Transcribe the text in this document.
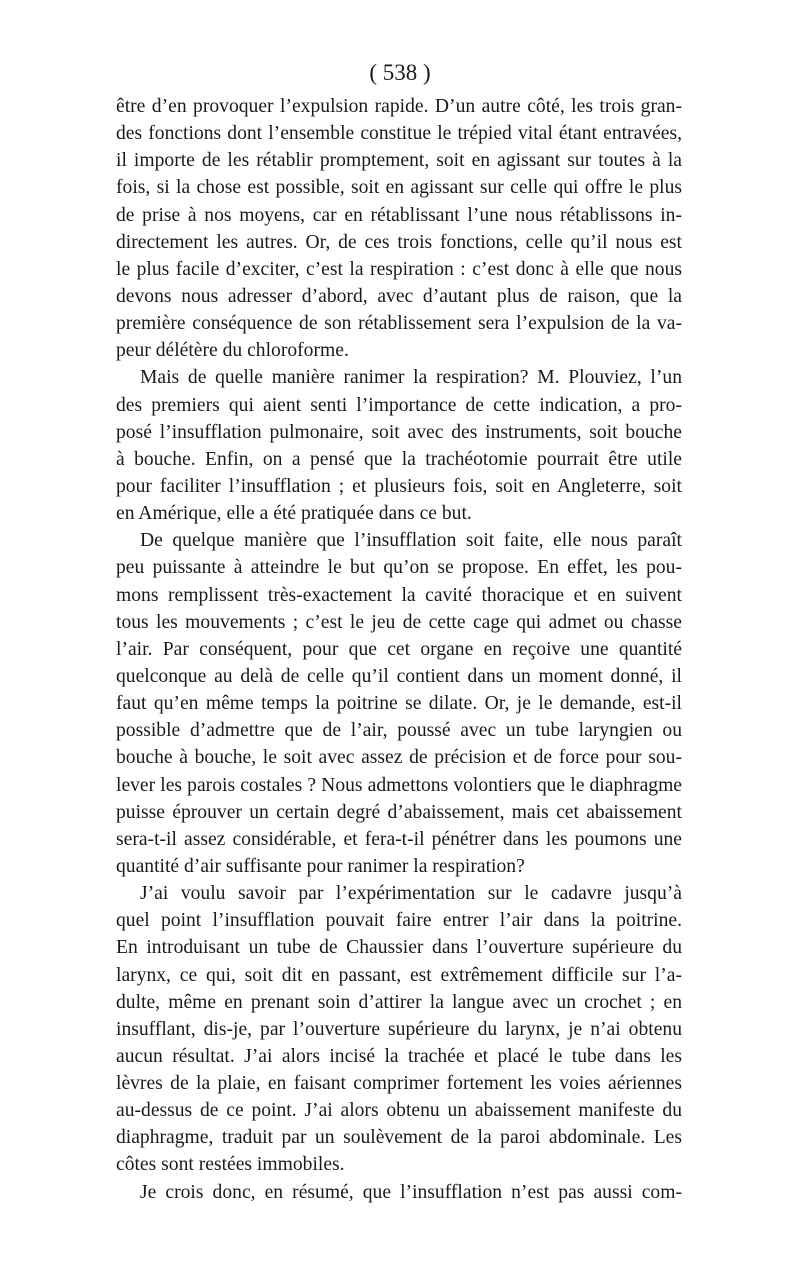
( 538 )
être d’en provoquer l’expulsion rapide. D’un autre côté, les trois gran-
des fonctions dont l’ensemble constitue le trépied vital étant entravées,
il importe de les rétablir promptement, soit en agissant sur toutes à la
fois, si la chose est possible, soit en agissant sur celle qui offre le plus
de prise à nos moyens, car en rétablissant l’une nous rétablissons in-
directement les autres. Or, de ces trois fonctions, celle qu’il nous est
le plus facile d’exciter, c’est la respiration : c’est donc à elle que nous
devons nous adresser d’abord, avec d’autant plus de raison, que la
première conséquence de son rétablissement sera l’expulsion de la va-
peur délétère du chloroforme.
Mais de quelle manière ranimer la respiration? M. Plouviez, l’un
des premiers qui aient senti l’importance de cette indication, a pro-
posé l’insufflation pulmonaire, soit avec des instruments, soit bouche
à bouche. Enfin, on a pensé que la trachéotomie pourrait être utile
pour faciliter l’insufflation ; et plusieurs fois, soit en Angleterre, soit
en Amérique, elle a été pratiquée dans ce but.
De quelque manière que l’insufflation soit faite, elle nous paraît
peu puissante à atteindre le but qu’on se propose. En effet, les pou-
mons remplissent très-exactement la cavité thoracique et en suivent
tous les mouvements ; c’est le jeu de cette cage qui admet ou chasse
l’air. Par conséquent, pour que cet organe en reçoive une quantité
quelconque au delà de celle qu’il contient dans un moment donné, il
faut qu’en même temps la poitrine se dilate. Or, je le demande, est-il
possible d’admettre que de l’air, poussé avec un tube laryngien ou
bouche à bouche, le soit avec assez de précision et de force pour sou-
lever les parois costales ? Nous admettons volontiers que le diaphragme
puisse éprouver un certain degré d’abaissement, mais cet abaissement
sera-t-il assez considérable, et fera-t-il pénétrer dans les poumons une
quantité d’air suffisante pour ranimer la respiration?
J’ai voulu savoir par l’expérimentation sur le cadavre jusqu’à
quel point l’insufflation pouvait faire entrer l’air dans la poitrine.
En introduisant un tube de Chaussier dans l’ouverture supérieure du
larynx, ce qui, soit dit en passant, est extrêmement difficile sur l’a-
dulte, même en prenant soin d’attirer la langue avec un crochet ; en
insufflant, dis-je, par l’ouverture supérieure du larynx, je n’ai obtenu
aucun résultat. J’ai alors incisé la trachée et placé le tube dans les
lèvres de la plaie, en faisant comprimer fortement les voies aériennes
au-dessus de ce point. J’ai alors obtenu un abaissement manifeste du
diaphragme, traduit par un soulèvement de la paroi abdominale. Les
côtes sont restées immobiles.
Je crois donc, en résumé, que l’insufflation n’est pas aussi com-
